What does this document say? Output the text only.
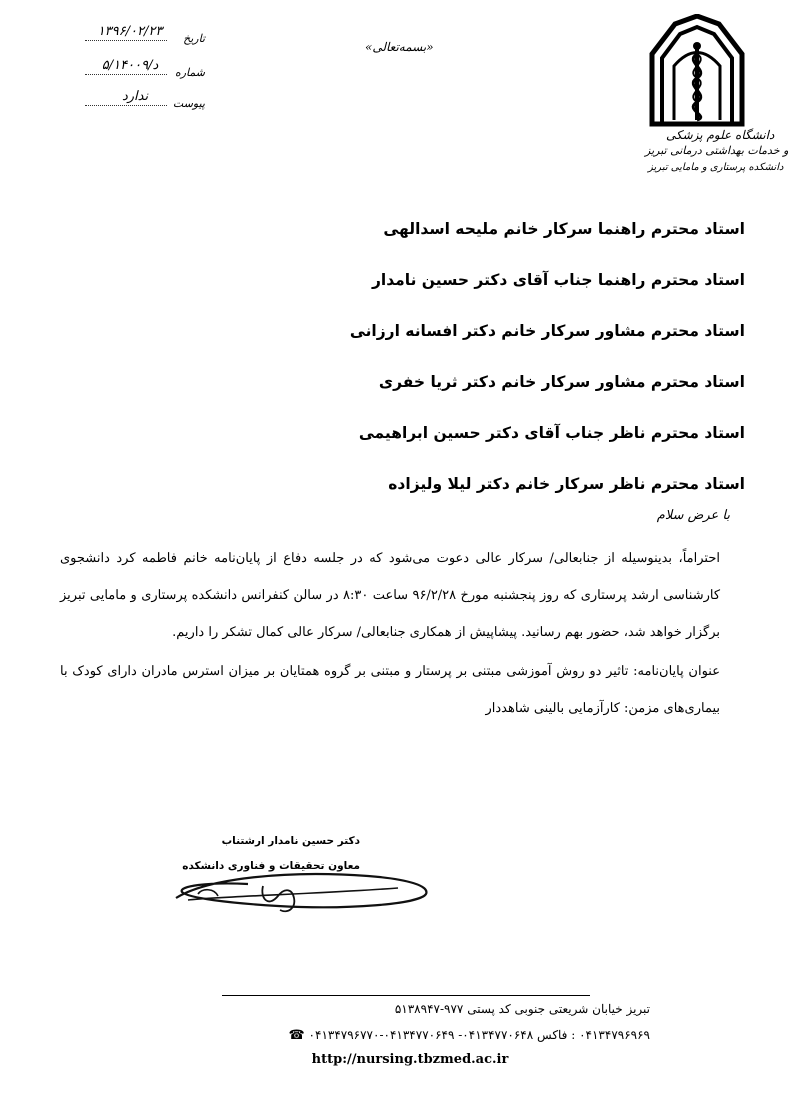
دانشگاه علوم پزشکی
و خدمات بهداشتی درمانی تبریز
دانشکده پرستاری و مامایی تبریز
«بسمه‌تعالی»
۱۳۹۶/۰۲/۲۳	تاریخ
۵/د/۱۴۰۰۹	شماره
ندارد	پیوست
استاد محترم راهنما سرکار خانم ملیحه اسدالهی
استاد محترم راهنما جناب آقای دکتر حسین نامدار
استاد محترم مشاور سرکار خانم دکتر افسانه ارزانی
استاد محترم مشاور سرکار خانم دکتر ثریا خفری
استاد محترم ناظر جناب آقای دکتر حسین ابراهیمی
استاد محترم ناظر سرکار خانم دکتر لیلا ولیزاده
با عرض سلام

احتراماً، بدینوسیله از جنابعالی/ سرکار عالی دعوت می‌شود که در جلسه دفاع از پایان‌نامه خانم فاطمه کرد دانشجوی کارشناسی ارشد پرستاری که روز پنجشنبه مورخ ۹۶/۲/۲۸ ساعت ۸:۳۰ در سالن کنفرانس دانشکده پرستاری و مامایی تبریز برگزار خواهد شد، حضور بهم رسانید. پیشاپیش از همکاری جنابعالی/ سرکار عالی کمال تشکر را داریم.

عنوان پایان‌نامه: تاثیر دو روش آموزشی مبتنی بر پرستار و مبتنی بر گروه همتایان بر میزان استرس مادران دارای کودک با بیماری‌های مزمن: کارآزمایی بالینی شاهددار

دکتر حسین نامدار ارشتناب
معاون تحقیقات و فناوری دانشکده
تبریز خیابان شریعتی جنوبی کد پستی ۹۷۷-۵۱۳۸۹۴۷
۰۴۱۳۴۷۹۶۹۶۹ : فاکس ۰۴۱۳۴۷۷۰۶۴۸- ۰۴۱۳۴۷۷۰۶۴۹-۰۴۱۳۴۷۹۶۷۷۰ ☎
http://nursing.tbzmed.ac.ir
